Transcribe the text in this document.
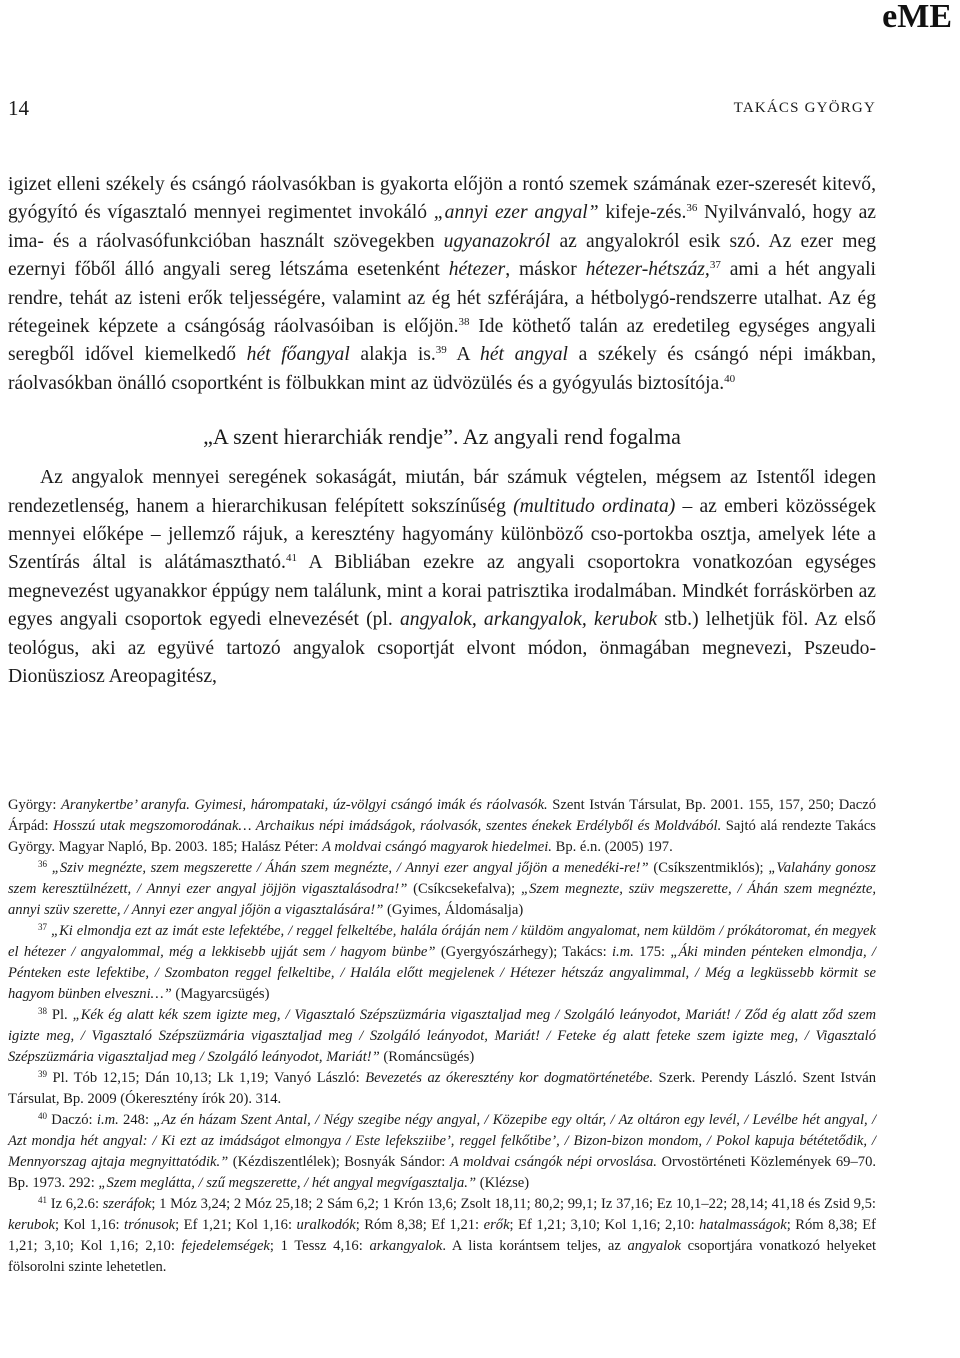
eME
14	TAKÁCS GYÖRGY

igizet elleni székely és csángó ráolvasókban is gyakorta előjön a rontó szemek számának ezer-szeresét kitevő, gyógyító és vígasztaló mennyei regimentet invokáló „annyi ezer angyal” kifeje-zés.$^{36}$ Nyilvánvaló, hogy az ima- és a ráolvasófunkcióban használt szövegekben ugyanazokról az angyalokról esik szó. Az ezer meg ezernyi főből álló angyali sereg létszáma esetenként hétezer, máskor hétezer-hétszáz,$^{37}$ ami a hét angyali rendre, tehát az isteni erők teljességére, valamint az ég hét szférájára, a hétbolygó-rendszerre utalhat. Az ég rétegeinek képzete a csángóság ráolvasóiban is előjön.$^{38}$ Ide köthető talán az eredetileg egységes angyali seregből idővel kiemelkedő hét főangyal alakja is.$^{39}$ A hét angyal a székely és csángó népi imákban, ráolvasókban önálló csoportként is fölbukkan mint az üdvözülés és a gyógyulás biztosítója.$^{40}$

„A szent hierarchiák rendje”. Az angyali rend fogalma

Az angyalok mennyei seregének sokaságát, miután, bár számuk végtelen, mégsem az Istentől idegen rendezetlenség, hanem a hierarchikusan felépített sokszínűség (multitudo ordinata) – az emberi közösségek mennyei előképe – jellemző rájuk, a keresztény hagyomány különböző cso-portokba osztja, amelyek léte a Szentírás által is alátámasztható.$^{41}$ A Bibliában ezekre az angyali csoportokra vonatkozóan egységes megnevezést ugyanakkor éppúgy nem találunk, mint a korai patrisztika irodalmában. Mindkét forráskörben az egyes angyali csoportok egyedi elnevezését (pl. angyalok, arkangyalok, kerubok stb.) lelhetjük föl. Az első teológus, aki az együvé tartozó angyalok csoportját elvont módon, önmagában megnevezi, Pszeudo-Dionüsziosz Areopagitész,

György: Aranykertbe’ aranyfa. Gyimesi, hárompataki, úz-völgyi csángó imák és ráolvasók. Szent István Társulat, Bp. 2001. 155, 157, 250; Daczó Árpád: Hosszú utak megszomorodának… Archaikus népi imádságok, ráolvasók, szentes énekek Erdélyből és Moldvából. Sajtó alá rendezte Takács György. Magyar Napló, Bp. 2003. 185; Halász Péter: A moldvai csángó magyarok hiedelmei. Bp. é.n. (2005) 197.

$^{36}$ „Sziv megnézte, szem megszerette / Áhán szem megnézte, / Annyi ezer angyal jőjön a menedéki-re!” (Csíkszentmiklós); „Valahány gonosz szem keresztülnézett, / Annyi ezer angyal jöjjön vigasztalásodra!” (Csíkcsekefalva); „Szem megnezte, szüv megszerette, / Áhán szem megnézte, annyi szüv szerette, / Annyi ezer angyal jőjön a vigasztalására!” (Gyimes, Áldomásalja)

$^{37}$ „Ki elmondja ezt az imát este lefektébe, / reggel felkeltébe, halála óráján nem / küldöm angyalomat, nem küldöm / prókátoromat, én megyek el hétezer / angyalommal, még a lekkisebb ujját sem / hagyom bünbe” (Gyergyószárhegy); Takács: i.m. 175: „Áki minden pénteken elmondja, / Pénteken este lefektibe, / Szombaton reggel felkeltibe, / Halála előtt megjelenek / Hétezer hétszáz angyalimmal, / Még a legküssebb körmit se hagyom bünben elveszni…” (Magyarcsügés)

$^{38}$ Pl. „Kék ég alatt kék szem igizte meg, / Vigasztaló Szépszüzmária vigasztaljad meg / Szolgáló leányodot, Mariát! / Ződ ég alatt ződ szem igizte meg, / Vigasztaló Szépszüzmária vigasztaljad meg / Szolgáló leányodot, Mariát! / Feteke ég alatt feteke szem igizte meg, / Vigasztaló Szépszüzmária vigasztaljad meg / Szolgáló leányodot, Mariát!” (Románcsügés)

$^{39}$ Pl. Tób 12,15; Dán 10,13; Lk 1,19; Vanyó László: Bevezetés az ókeresztény kor dogmatörténetébe. Szerk. Perendy László. Szent István Társulat, Bp. 2009 (Ókeresztény írók 20). 314.

$^{40}$ Daczó: i.m. 248: „Az én házam Szent Antal, / Négy szegibe négy angyal, / Közepibe egy oltár, / Az oltáron egy levél, / Levélbe hét angyal, / Azt mondja hét angyal: / Ki ezt az imádságot elmongya / Este lefeksziibe’, reggel felkőtibe’, / Bizon-bizon mondom, / Pokol kapuja bététetődik, / Mennyorszag ajtaja megnyittatódik.” (Kézdiszentlélek); Bosnyák Sándor: A moldvai csángók népi orvoslása. Orvostörténeti Közlemények 69–70. Bp. 1973. 292: „Szem meglátta, / szű megszerette, / hét angyal megvígasztalja.” (Klézse)

$^{41}$ Iz 6,2.6: szeráfok; 1 Móz 3,24; 2 Móz 25,18; 2 Sám 6,2; 1 Krón 13,6; Zsolt 18,11; 80,2; 99,1; Iz 37,16; Ez 10,1–22; 28,14; 41,18 és Zsid 9,5: kerubok; Kol 1,16: trónusok; Ef 1,21; Kol 1,16: uralkodók; Róm 8,38; Ef 1,21: erők; Ef 1,21; 3,10; Kol 1,16; 2,10: hatalmasságok; Róm 8,38; Ef 1,21; 3,10; Kol 1,16; 2,10: fejedelemségek; 1 Tessz 4,16: arkangyalok. A lista korántsem teljes, az angyalok csoportjára vonatkozó helyeket fölsorolni szinte lehetetlen.
